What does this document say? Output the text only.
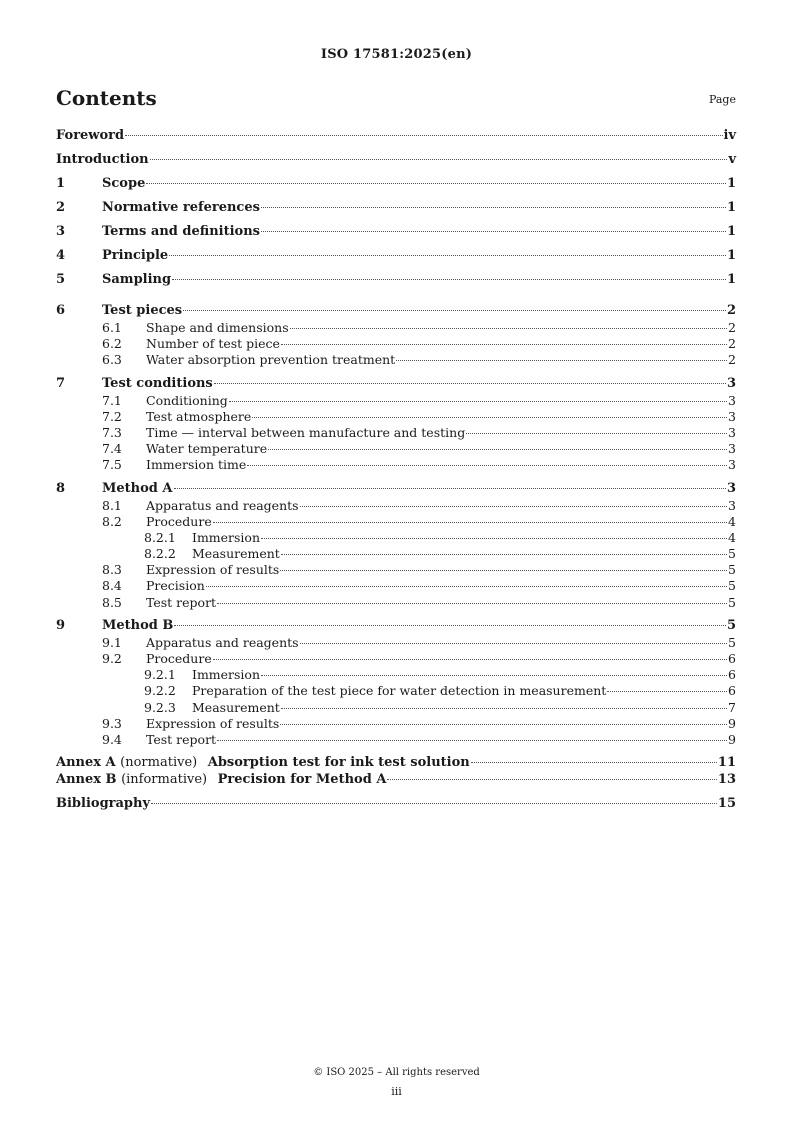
ISO 17581:2025(en)
Contents	Page
Foreword	iv
Introduction	v
1	Scope	1
2	Normative references	1
3	Terms and definitions	1
4	Principle	1
5	Sampling	1
6	Test pieces	2
6.1	Shape and dimensions	2
6.2	Number of test piece	2
6.3	Water absorption prevention treatment	2
7	Test conditions	3
7.1	Conditioning	3
7.2	Test atmosphere	3
7.3	Time — interval between manufacture and testing	3
7.4	Water temperature	3
7.5	Immersion time	3
8	Method A	3
8.1	Apparatus and reagents	3
8.2	Procedure	4
8.2.1	Immersion	4
8.2.2	Measurement	5
8.3	Expression of results	5
8.4	Precision	5
8.5	Test report	5
9	Method B	5
9.1	Apparatus and reagents	5
9.2	Procedure	6
9.2.1	Immersion	6
9.2.2	Preparation of the test piece for water detection in measurement	6
9.2.3	Measurement	7
9.3	Expression of results	9
9.4	Test report	9
Annex A (normative) Absorption test for ink test solution	11
Annex B (informative) Precision for Method A	13
Bibliography	15
© ISO 2025 – All rights reserved
iii
